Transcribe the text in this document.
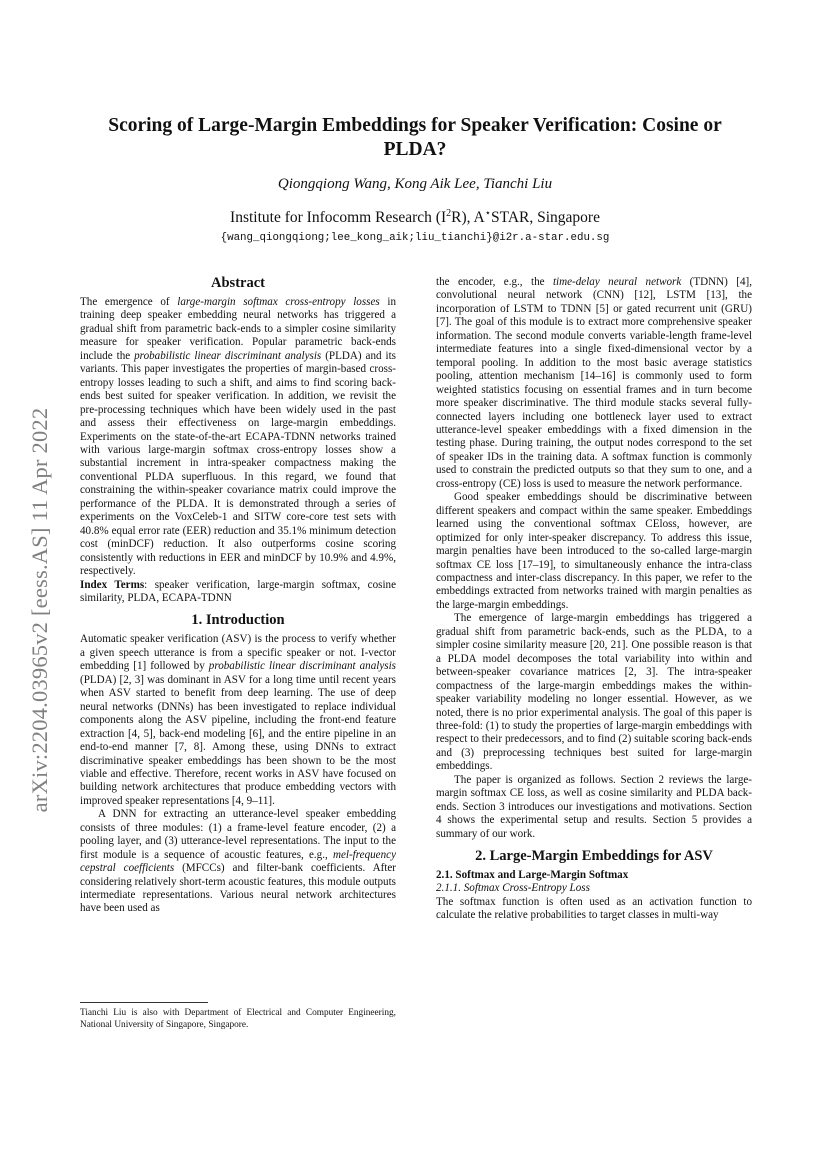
arXiv:2204.03965v2 [eess.AS] 11 Apr 2022
Scoring of Large-Margin Embeddings for Speaker Verification: Cosine or PLDA?

Qiongqiong Wang, Kong Aik Lee, Tianchi Liu

Institute for Infocomm Research $(I^2R)$, A⋆STAR, Singapore

{wang_qiongqiong;lee_kong_aik;liu_tianchi}@i2r.a-star.edu.sg

Abstract

The emergence of large-margin softmax cross-entropy losses in training deep speaker embedding neural networks has triggered a gradual shift from parametric back-ends to a simpler cosine similarity measure for speaker verification. Popular parametric back-ends include the probabilistic linear discriminant analysis (PLDA) and its variants. This paper investigates the properties of margin-based cross-entropy losses leading to such a shift, and aims to find scoring back-ends best suited for speaker verification. In addition, we revisit the pre-processing techniques which have been widely used in the past and assess their effectiveness on large-margin embeddings. Experiments on the state-of-the-art ECAPA-TDNN networks trained with various large-margin softmax cross-entropy losses show a substantial increment in intra-speaker compactness making the conventional PLDA superfluous. In this regard, we found that constraining the within-speaker covariance matrix could improve the performance of the PLDA. It is demonstrated through a series of experiments on the VoxCeleb-1 and SITW core-core test sets with 40.8% equal error rate (EER) reduction and 35.1% minimum detection cost (minDCF) reduction. It also outperforms cosine scoring consistently with reductions in EER and minDCF by 10.9% and 4.9%, respectively.

Index Terms: speaker verification, large-margin softmax, cosine similarity, PLDA, ECAPA-TDNN

1. Introduction

Automatic speaker verification (ASV) is the process to verify whether a given speech utterance is from a specific speaker or not. I-vector embedding [1] followed by probabilistic linear discriminant analysis (PLDA) [2, 3] was dominant in ASV for a long time until recent years when ASV started to benefit from deep learning. The use of deep neural networks (DNNs) has been investigated to replace individual components along the ASV pipeline, including the front-end feature extraction [4, 5], back-end modeling [6], and the entire pipeline in an end-to-end manner [7, 8]. Among these, using DNNs to extract discriminative speaker embeddings has been shown to be the most viable and effective. Therefore, recent works in ASV have focused on building network architectures that produce embedding vectors with improved speaker representations [4, 9–11].

A DNN for extracting an utterance-level speaker embedding consists of three modules: (1) a frame-level feature encoder, (2) a pooling layer, and (3) utterance-level representations. The input to the first module is a sequence of acoustic features, e.g., mel-frequency cepstral coefficients (MFCCs) and filter-bank coefficients. After considering relatively short-term acoustic features, this module outputs intermediate representations. Various neural network architectures have been used as

Tianchi Liu is also with Department of Electrical and Computer Engineering, National University of Singapore, Singapore.

the encoder, e.g., the time-delay neural network (TDNN) [4], convolutional neural network (CNN) [12], LSTM [13], the incorporation of LSTM to TDNN [5] or gated recurrent unit (GRU) [7]. The goal of this module is to extract more comprehensive speaker information. The second module converts variable-length frame-level intermediate features into a single fixed-dimensional vector by a temporal pooling. In addition to the most basic average statistics pooling, attention mechanism [14–16] is commonly used to form weighted statistics focusing on essential frames and in turn become more speaker discriminative. The third module stacks several fully-connected layers including one bottleneck layer used to extract utterance-level speaker embeddings with a fixed dimension in the testing phase. During training, the output nodes correspond to the set of speaker IDs in the training data. A softmax function is commonly used to constrain the predicted outputs so that they sum to one, and a cross-entropy (CE) loss is used to measure the network performance.

Good speaker embeddings should be discriminative between different speakers and compact within the same speaker. Embeddings learned using the conventional softmax CEloss, however, are optimized for only inter-speaker discrepancy. To address this issue, margin penalties have been introduced to the so-called large-margin softmax CE loss [17–19], to simultaneously enhance the intra-class compactness and inter-class discrepancy. In this paper, we refer to the embeddings extracted from networks trained with margin penalties as the large-margin embeddings.

The emergence of large-margin embeddings has triggered a gradual shift from parametric back-ends, such as the PLDA, to a simpler cosine similarity measure [20, 21]. One possible reason is that a PLDA model decomposes the total variability into within and between-speaker covariance matrices [2, 3]. The intra-speaker compactness of the large-margin embeddings makes the within-speaker variability modeling no longer essential. However, as we noted, there is no prior experimental analysis. The goal of this paper is three-fold: (1) to study the properties of large-margin embeddings with respect to their predecessors, and to find (2) suitable scoring back-ends and (3) preprocessing techniques best suited for large-margin embeddings.

The paper is organized as follows. Section 2 reviews the large-margin softmax CE loss, as well as cosine similarity and PLDA back-ends. Section 3 introduces our investigations and motivations. Section 4 shows the experimental setup and results. Section 5 provides a summary of our work.

2. Large-Margin Embeddings for ASV

2.1. Softmax and Large-Margin Softmax

2.1.1. Softmax Cross-Entropy Loss

The softmax function is often used as an activation function to calculate the relative probabilities to target classes in multi-way
